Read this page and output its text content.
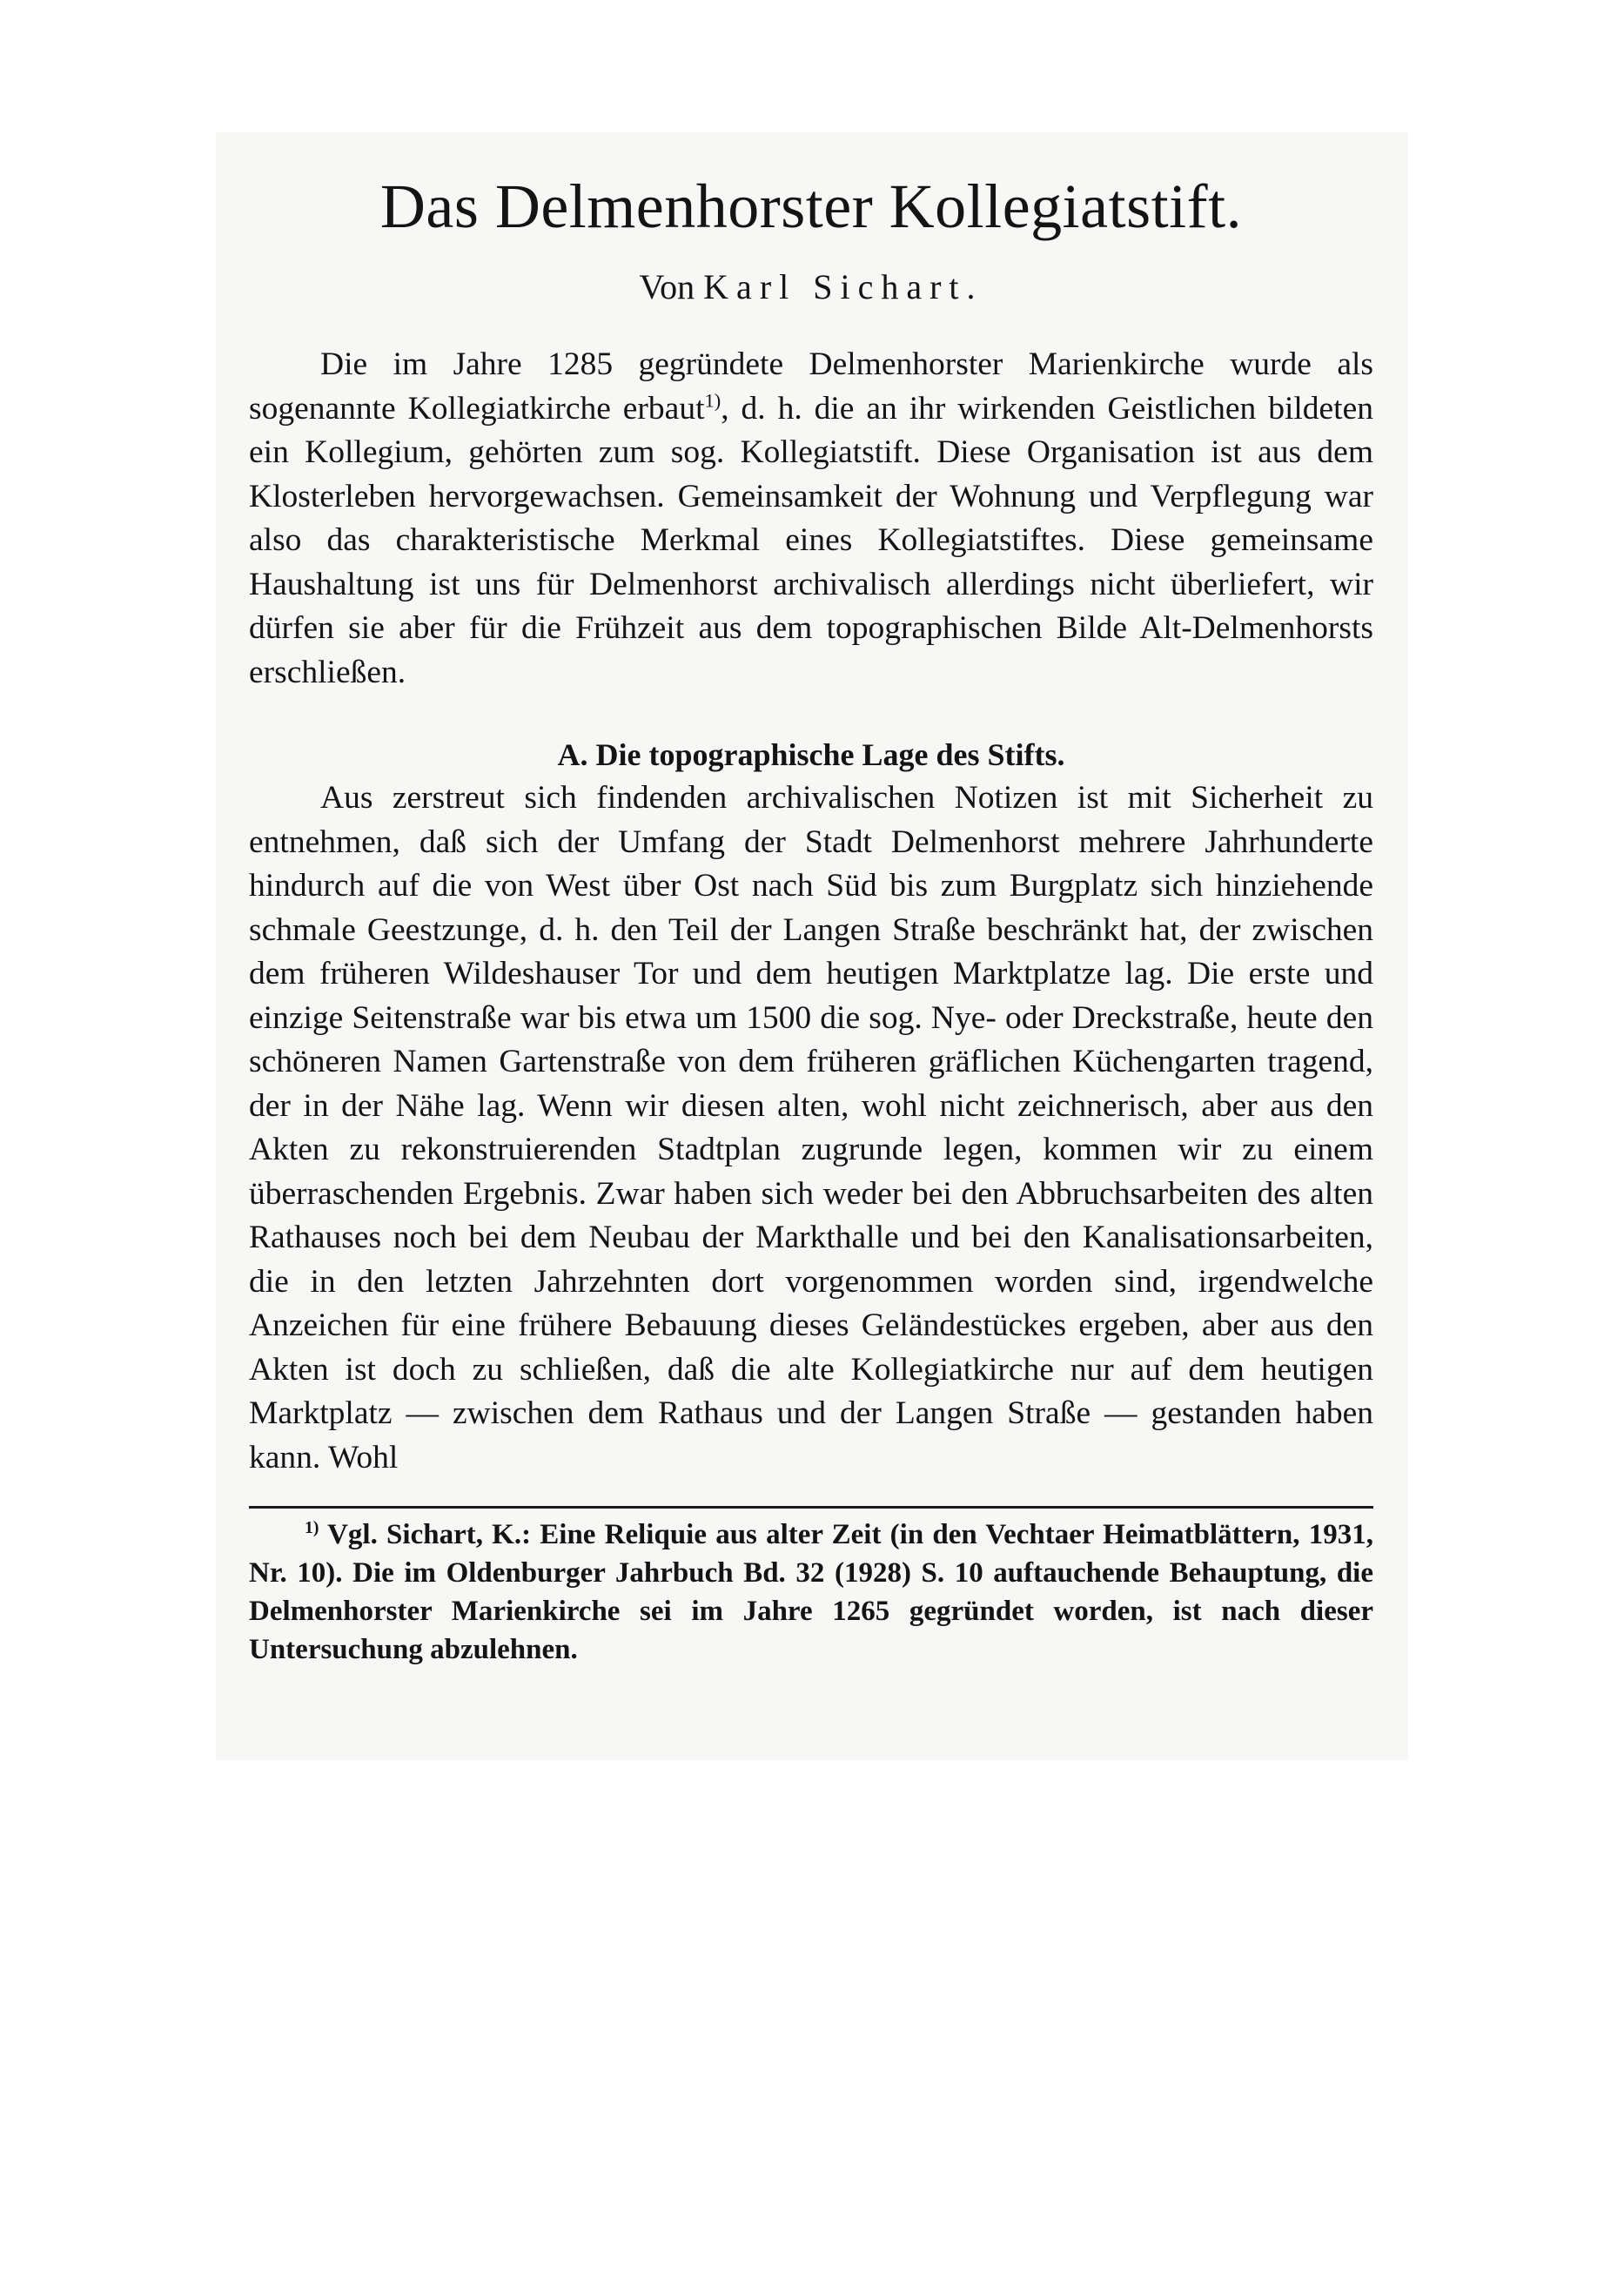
Das Delmenhorster Kollegiatstift.
Von Karl Sichart.

Die im Jahre 1285 gegründete Delmenhorster Marienkirche wurde als sogenannte Kollegiatkirche erbaut$^{1)}$, d. h. die an ihr wirkenden Geistlichen bildeten ein Kollegium, gehörten zum sog. Kollegiatstift. Diese Organisation ist aus dem Klosterleben hervorgewachsen. Gemeinsamkeit der Wohnung und Verpflegung war also das charakteristische Merkmal eines Kollegiatstiftes. Diese gemeinsame Haushaltung ist uns für Delmenhorst archivalisch allerdings nicht überliefert, wir dürfen sie aber für die Frühzeit aus dem topographischen Bilde Alt-Delmenhorsts erschließen.

A. Die topographische Lage des Stifts.

Aus zerstreut sich findenden archivalischen Notizen ist mit Sicherheit zu entnehmen, daß sich der Umfang der Stadt Delmenhorst mehrere Jahrhunderte hindurch auf die von West über Ost nach Süd bis zum Burgplatz sich hinziehende schmale Geestzunge, d. h. den Teil der Langen Straße beschränkt hat, der zwischen dem früheren Wildeshauser Tor und dem heutigen Marktplatze lag. Die erste und einzige Seitenstraße war bis etwa um 1500 die sog. Nye- oder Dreckstraße, heute den schöneren Namen Gartenstraße von dem früheren gräflichen Küchengarten tragend, der in der Nähe lag. Wenn wir diesen alten, wohl nicht zeichnerisch, aber aus den Akten zu rekonstruierenden Stadtplan zugrunde legen, kommen wir zu einem überraschenden Ergebnis. Zwar haben sich weder bei den Abbruchsarbeiten des alten Rathauses noch bei dem Neubau der Markthalle und bei den Kanalisationsarbeiten, die in den letzten Jahrzehnten dort vorgenommen worden sind, irgendwelche Anzeichen für eine frühere Bebauung dieses Geländestückes ergeben, aber aus den Akten ist doch zu schließen, daß die alte Kollegiatkirche nur auf dem heutigen Marktplatz — zwischen dem Rathaus und der Langen Straße — gestanden haben kann. Wohl

$^{1)}$ Vgl. Sichart, K.: Eine Reliquie aus alter Zeit (in den Vechtaer Heimatblättern, 1931, Nr. 10). Die im Oldenburger Jahrbuch Bd. 32 (1928) S. 10 auftauchende Behauptung, die Delmenhorster Marienkirche sei im Jahre 1265 gegründet worden, ist nach dieser Untersuchung abzulehnen.
